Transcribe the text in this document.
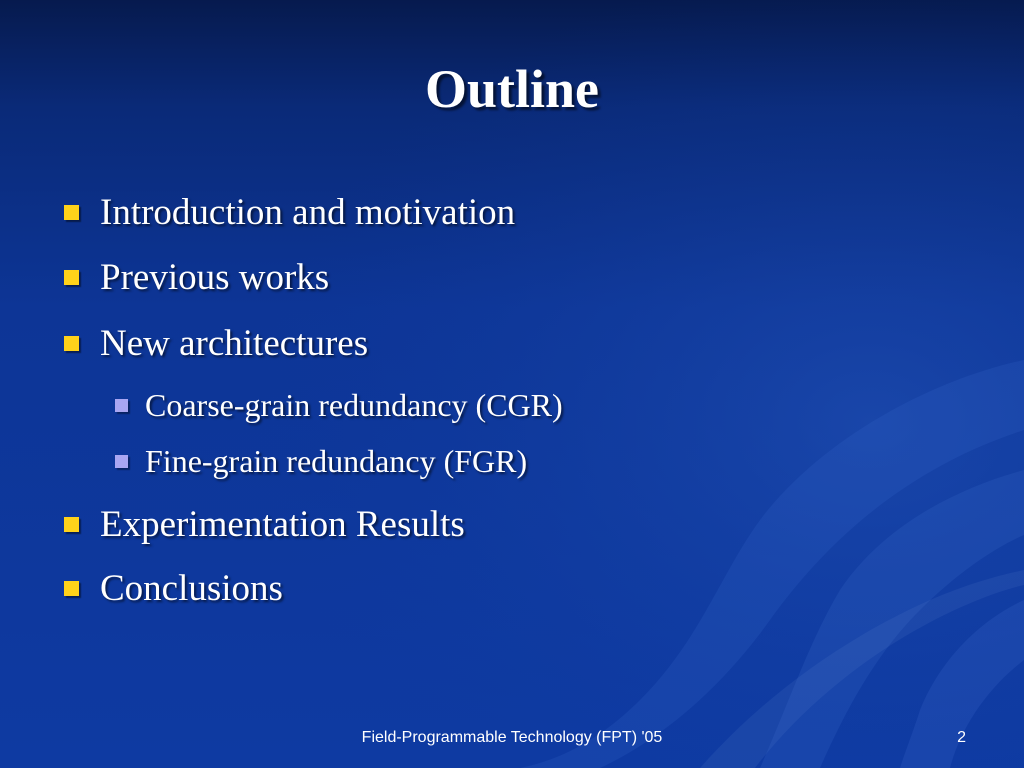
Outline
Introduction and motivation
Previous works
New architectures
Coarse-grain redundancy (CGR)
Fine-grain redundancy (FGR)
Experimentation Results
Conclusions
Field-Programmable Technology (FPT) '05	2
